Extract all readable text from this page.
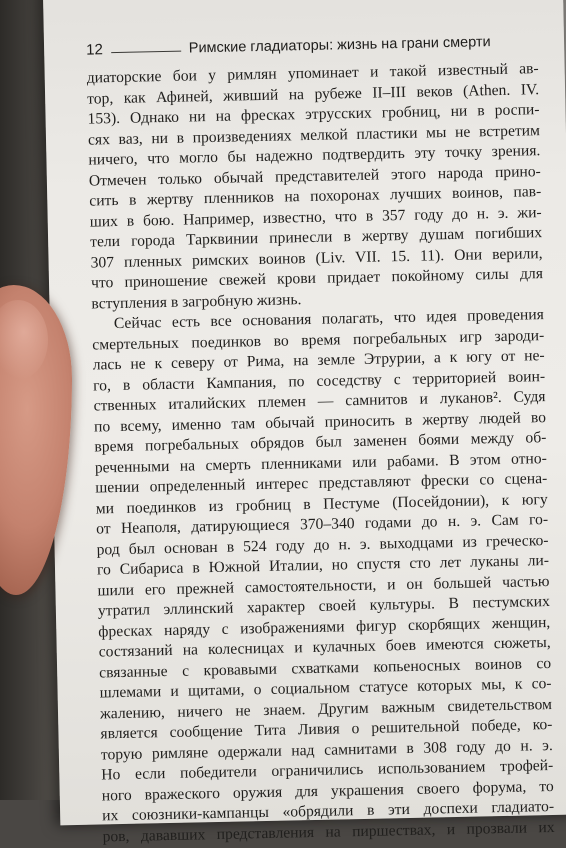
12	Римские гладиаторы: жизнь на грани смерти
диаторские бои у римлян упоминает и такой известный ав-
тор, как Афиней, живший на рубеже II–III веков (Athen. IV.
153). Однако ни на фресках этрусских гробниц, ни в роспи-
сях ваз, ни в произведениях мелкой пластики мы не встретим
ничего, что могло бы надежно подтвердить эту точку зрения.
Отмечен только обычай представителей этого народа прино-
сить в жертву пленников на похоронах лучших воинов, пав-
ших в бою. Например, известно, что в 357 году до н. э. жи-
тели города Тарквинии принесли в жертву душам погибших
307 пленных римских воинов (Liv. VII. 15. 11). Они верили,
что приношение свежей крови придает покойному силы для
вступления в загробную жизнь.
Сейчас есть все основания полагать, что идея проведения
смертельных поединков во время погребальных игр зароди-
лась не к северу от Рима, на земле Этрурии, а к югу от не-
го, в области Кампания, по соседству с территорией воин-
ственных италийских племен — самнитов и луканов². Судя
по всему, именно там обычай приносить в жертву людей во
время погребальных обрядов был заменен боями между об-
реченными на смерть пленниками или рабами. В этом отно-
шении определенный интерес представляют фрески со сцена-
ми поединков из гробниц в Пестуме (Посейдонии), к югу
от Неаполя, датирующиеся 370–340 годами до н. э. Сам го-
род был основан в 524 году до н. э. выходцами из греческо-
го Сибариса в Южной Италии, но спустя сто лет луканы ли-
шили его прежней самостоятельности, и он большей частью
утратил эллинский характер своей культуры. В пестумских
фресках наряду с изображениями фигур скорбящих женщин,
состязаний на колесницах и кулачных боев имеются сюжеты,
связанные с кровавыми схватками копьеносных воинов со
шлемами и щитами, о социальном статусе которых мы, к со-
жалению, ничего не знаем. Другим важным свидетельством
является сообщение Тита Ливия о решительной победе, ко-
торую римляне одержали над самнитами в 308 году до н. э.
Но если победители ограничились использованием трофей-
ного вражеского оружия для украшения своего форума, то
их союзники-кампанцы «обрядили в эти доспехи гладиато-
ров, дававших представления на пиршествах, и прозвали их
